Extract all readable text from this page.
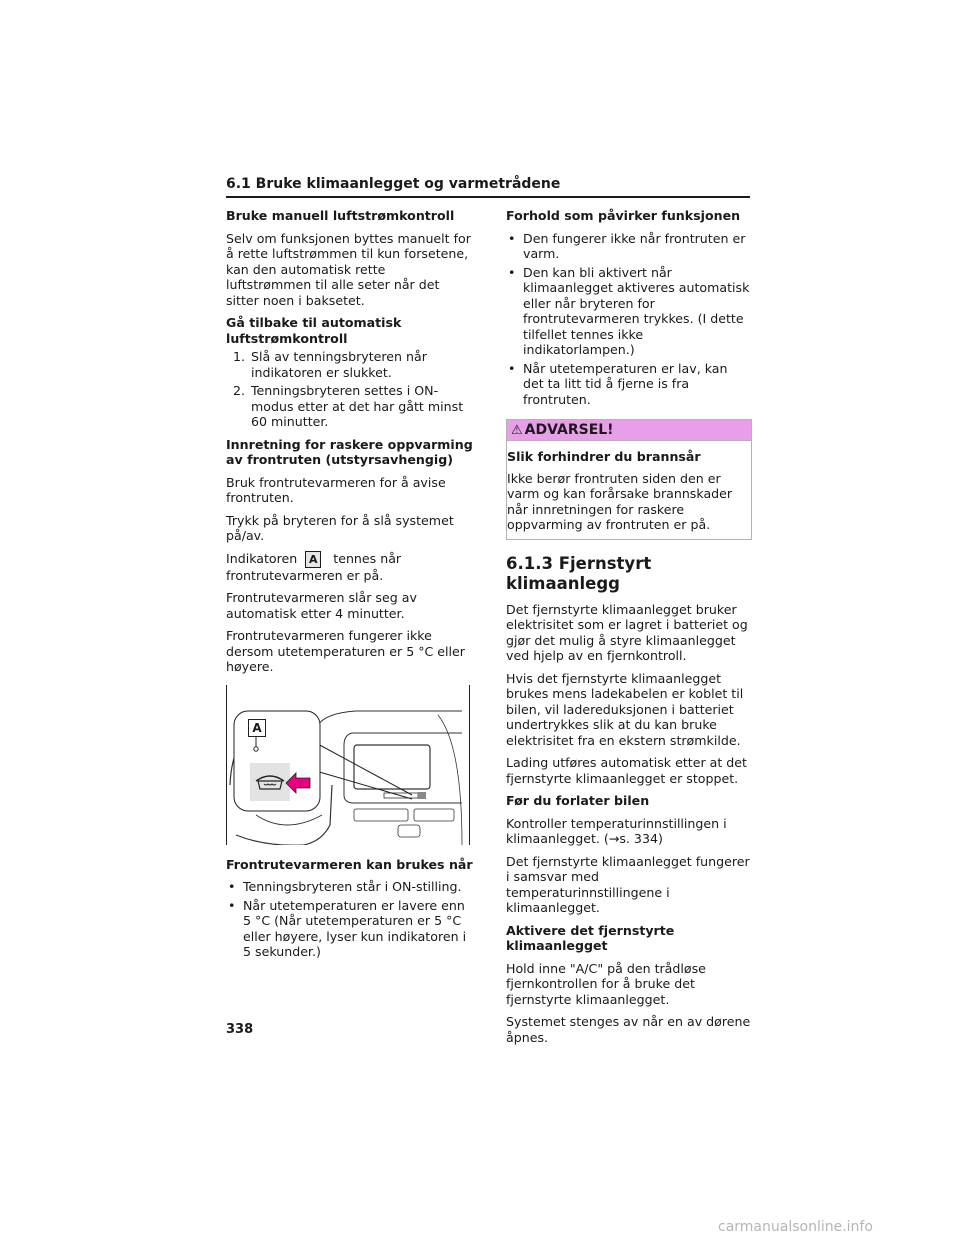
6.1 Bruke klimaanlegget og varmetrådene

Bruke manuell luftstrømkontroll

Selv om funksjonen byttes manuelt for å rette luftstrømmen til kun forsetene, kan den automatisk rette luftstrømmen til alle seter når det sitter noen i baksetet.

Gå tilbake til automatisk luftstrømkontroll

1. Slå av tenningsbryteren når indikatoren er slukket.
2. Tenningsbryteren settes i ON-modus etter at det har gått minst 60 minutter.

Innretning for raskere oppvarming av frontruten (utstyrsavhengig)

Bruk frontrutevarmeren for å avise frontruten.

Trykk på bryteren for å slå systemet på/av.

Indikatoren A tennes når frontrutevarmeren er på.

Frontrutevarmeren slår seg av automatisk etter 4 minutter.

Frontrutevarmeren fungerer ikke dersom utetemperaturen er 5 °C eller høyere.

A

Frontrutevarmeren kan brukes når

• Tenningsbryteren står i ON-stilling.
• Når utetemperaturen er lavere enn 5 °C (Når utetemperaturen er 5 °C eller høyere, lyser kun indikatoren i 5 sekunder.)

Forhold som påvirker funksjonen

• Den fungerer ikke når frontruten er varm.
• Den kan bli aktivert når klimaanlegget aktiveres automatisk eller når bryteren for frontrutevarmeren trykkes. (I dette tilfellet tennes ikke indikatorlampen.)
• Når utetemperaturen er lav, kan det ta litt tid å fjerne is fra frontruten.
⚠ ADVARSEL!

Slik forhindrer du brannsår

Ikke berør frontruten siden den er varm og kan forårsake brannskader når innretningen for raskere oppvarming av frontruten er på.

6.1.3 Fjernstyrt klimaanlegg

Det fjernstyrte klimaanlegget bruker elektrisitet som er lagret i batteriet og gjør det mulig å styre klimaanlegget ved hjelp av en fjernkontroll.

Hvis det fjernstyrte klimaanlegget brukes mens ladekabelen er koblet til bilen, vil ladereduksjonen i batteriet undertrykkes slik at du kan bruke elektrisitet fra en ekstern strømkilde.

Lading utføres automatisk etter at det fjernstyrte klimaanlegget er stoppet.

Før du forlater bilen

Kontroller temperaturinnstillingen i klimaanlegget. (→s. 334)

Det fjernstyrte klimaanlegget fungerer i samsvar med temperaturinnstillingene i klimaanlegget.

Aktivere det fjernstyrte klimaanlegget

Hold inne "A/C" på den trådløse fjernkontrollen for å bruke det fjernstyrte klimaanlegget.

Systemet stenges av når en av dørene åpnes.

338
carmanualsonline.info
